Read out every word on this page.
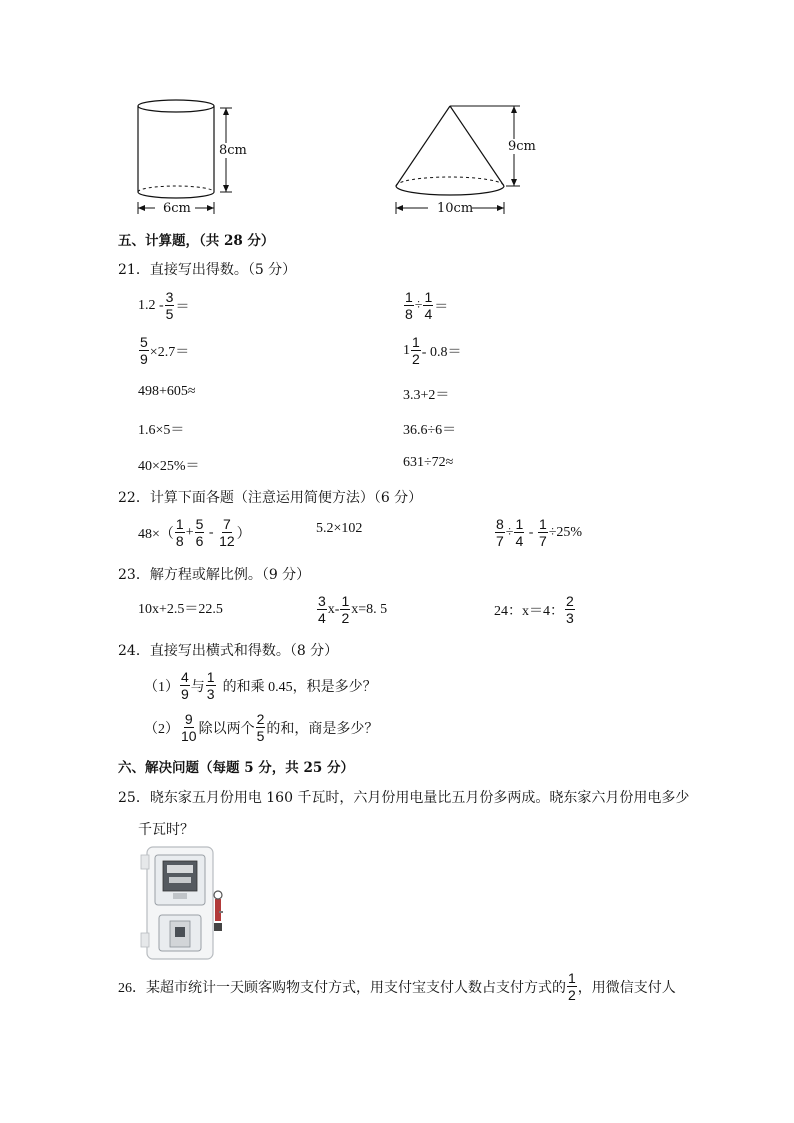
8cm
6cm
9cm
10cm
五、计算题，（共 28 分）
21．直接写出得数。（5 分）
$1.2 - \frac{3}{5}$ ＝	$\frac{1}{8} \div \frac{1}{4}$ ＝
$\frac{5}{9} \times 2.7=$	$1 \frac{1}{2} - 0.8=$
498+605≈	3.3+2＝
1.6×5＝	36.6÷6＝
40×25%＝	631÷72≈
22．计算下面各题（注意运用简便方法）（6 分）
$48\times( \frac{1}{8} + \frac{5}{6} - \frac{7}{12}$ ）	5.2×102	$\frac{8}{7} \div \frac{1}{4} - \frac{1}{7} \div 25\%$
23．解方程或解比例。（9 分）
10x+2.5＝22.5	$\frac{3}{4} x- \frac{1}{2} x=8$. 5	24：x＝4： $\frac{2}{3}$
24．直接写出横式和得数。（8 分）
$(1) \frac{4}{9}$ 与 $\frac{1}{3}$ 的和乘 0.45，积是多少？
$(2) \frac{9}{10}$ 除以两个 $\frac{2}{5}$ 的和，商是多少？
六、解决问题（每题 5 分，共 25 分）
25．晓东家五月份用电 160 千瓦时，六月份用电量比五月份多两成。晓东家六月份用电多少
千瓦时？
26．某超市统计一天顾客购物支付方式，用支付宝支付人数占支付方式的 $\frac{1}{2}$ ，用微信支付人
